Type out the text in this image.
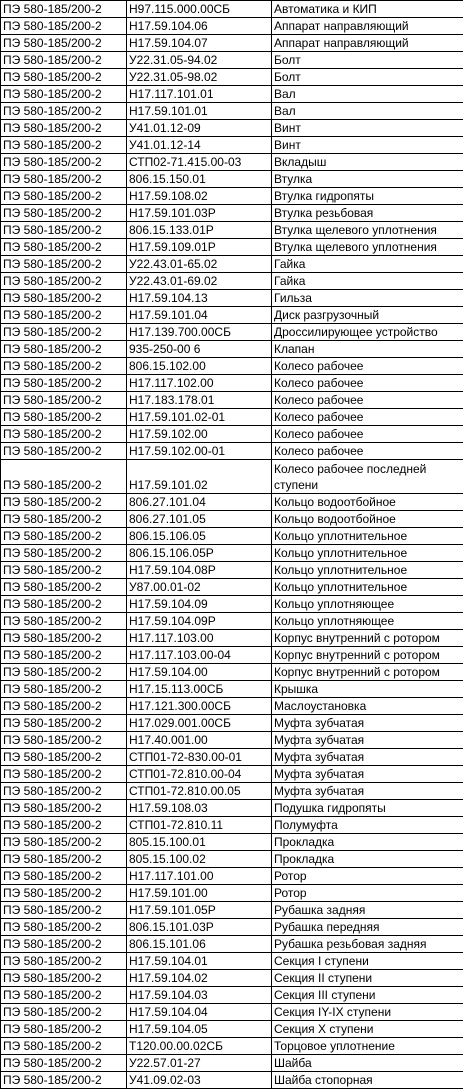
ПЭ 580-185/200-2	Н97.115.000.00СБ	Автоматика и КИП
ПЭ 580-185/200-2	Н17.59.104.06	Аппарат направляющий
ПЭ 580-185/200-2	Н17.59.104.07	Аппарат направляющий
ПЭ 580-185/200-2	У22.31.05-94.02	Болт
ПЭ 580-185/200-2	У22.31.05-98.02	Болт
ПЭ 580-185/200-2	Н17.117.101.01	Вал
ПЭ 580-185/200-2	Н17.59.101.01	Вал
ПЭ 580-185/200-2	У41.01.12-09	Винт
ПЭ 580-185/200-2	У41.01.12-14	Винт
ПЭ 580-185/200-2	СТП02-71.415.00-03	Вкладыш
ПЭ 580-185/200-2	806.15.150.01	Втулка
ПЭ 580-185/200-2	Н17.59.108.02	Втулка гидропяты
ПЭ 580-185/200-2	Н17.59.101.03Р	Втулка резьбовая
ПЭ 580-185/200-2	806.15.133.01Р	Втулка щелевого уплотнения
ПЭ 580-185/200-2	Н17.59.109.01Р	Втулка щелевого уплотнения
ПЭ 580-185/200-2	У22.43.01-65.02	Гайка
ПЭ 580-185/200-2	У22.43.01-69.02	Гайка
ПЭ 580-185/200-2	Н17.59.104.13	Гильза
ПЭ 580-185/200-2	Н17.59.101.04	Диск разгрузочный
ПЭ 580-185/200-2	Н17.139.700.00СБ	Дроссилирующее устройство
ПЭ 580-185/200-2	935-250-00 6	Клапан
ПЭ 580-185/200-2	806.15.102.00	Колесо рабочее
ПЭ 580-185/200-2	Н17.117.102.00	Колесо рабочее
ПЭ 580-185/200-2	Н17.183.178.01	Колесо рабочее
ПЭ 580-185/200-2	Н17.59.101.02-01	Колесо рабочее
ПЭ 580-185/200-2	Н17.59.102.00	Колесо рабочее
ПЭ 580-185/200-2	Н17.59.102.00-01	Колесо рабочее
ПЭ 580-185/200-2	Н17.59.101.02	Колесо рабочее последней ступени
ПЭ 580-185/200-2	806.27.101.04	Кольцо водоотбойное
ПЭ 580-185/200-2	806.27.101.05	Кольцо водоотбойное
ПЭ 580-185/200-2	806.15.106.05	Кольцо уплотнительное
ПЭ 580-185/200-2	806.15.106.05Р	Кольцо уплотнительное
ПЭ 580-185/200-2	Н17.59.104.08Р	Кольцо уплотнительное
ПЭ 580-185/200-2	У87.00.01-02	Кольцо уплотнительное
ПЭ 580-185/200-2	Н17.59.104.09	Кольцо уплотняющее
ПЭ 580-185/200-2	Н17.59.104.09Р	Кольцо уплотняющее
ПЭ 580-185/200-2	Н17.117.103.00	Корпус внутренний с ротором
ПЭ 580-185/200-2	Н17.117.103.00-04	Корпус внутренний с ротором
ПЭ 580-185/200-2	Н17.59.104.00	Корпус внутренний с ротором
ПЭ 580-185/200-2	Н17.15.113.00СБ	Крышка
ПЭ 580-185/200-2	Н17.121.300.00СБ	Маслоустановка
ПЭ 580-185/200-2	Н17.029.001.00СБ	Муфта зубчатая
ПЭ 580-185/200-2	Н17.40.001.00	Муфта зубчатая
ПЭ 580-185/200-2	СТП01-72-830.00-01	Муфта зубчатая
ПЭ 580-185/200-2	СТП01-72.810.00-04	Муфта зубчатая
ПЭ 580-185/200-2	СТП01-72.810.00.05	Муфта зубчатая
ПЭ 580-185/200-2	Н17.59.108.03	Подушка гидропяты
ПЭ 580-185/200-2	СТП01-72.810.11	Полумуфта
ПЭ 580-185/200-2	805.15.100.01	Прокладка
ПЭ 580-185/200-2	805.15.100.02	Прокладка
ПЭ 580-185/200-2	Н17.117.101.00	Ротор
ПЭ 580-185/200-2	Н17.59.101.00	Ротор
ПЭ 580-185/200-2	Н17.59.101.05Р	Рубашка задняя
ПЭ 580-185/200-2	806.15.101.03Р	Рубашка передняя
ПЭ 580-185/200-2	806.15.101.06	Рубашка резьбовая задняя
ПЭ 580-185/200-2	Н17.59.104.01	Секция I ступени
ПЭ 580-185/200-2	Н17.59.104.02	Секция II ступени
ПЭ 580-185/200-2	Н17.59.104.03	Секция III ступени
ПЭ 580-185/200-2	Н17.59.104.04	Секция IY-IX ступени
ПЭ 580-185/200-2	Н17.59.104.05	Секция X ступени
ПЭ 580-185/200-2	Т120.00.00.02СБ	Торцовое уплотнение
ПЭ 580-185/200-2	У22.57.01-27	Шайба
ПЭ 580-185/200-2	У41.09.02-03	Шайба стопорная
